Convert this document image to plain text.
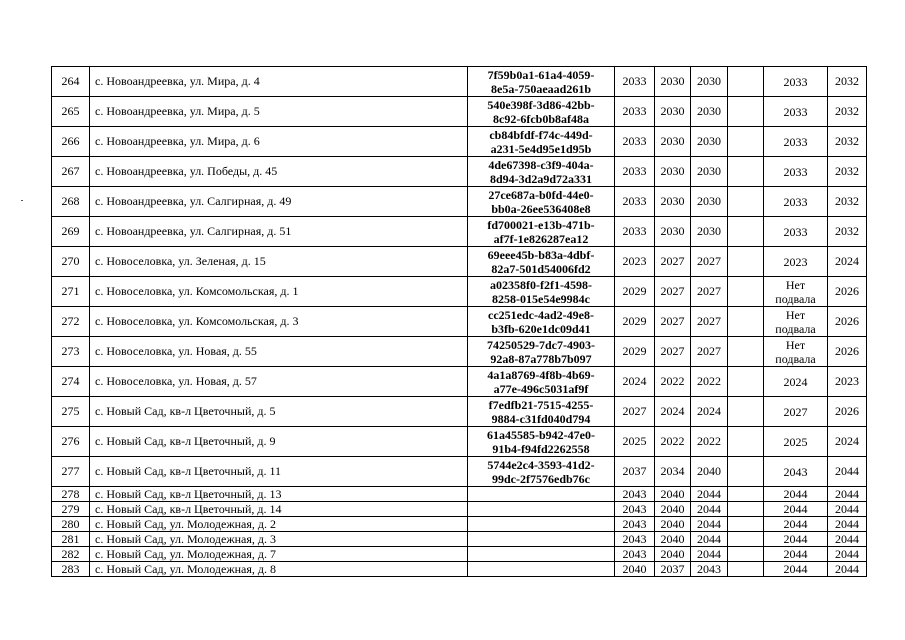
264	с. Новоандреевка, ул. Мира, д. 4	7f59b0a1-61a4-4059-
8e5a-750aeaad261b	2033	2030	2030		2033	2032
265	с. Новоандреевка, ул. Мира, д. 5	540e398f-3d86-42bb-
8c92-6fcb0b8af48a	2033	2030	2030		2033	2032
266	с. Новоандреевка, ул. Мира, д. 6	cb84bfdf-f74c-449d-
a231-5e4d95e1d95b	2033	2030	2030		2033	2032
267	с. Новоандреевка, ул. Победы, д. 45	4de67398-c3f9-404a-
8d94-3d2a9d72a331	2033	2030	2030		2033	2032
268	с. Новоандреевка, ул. Салгирная, д. 49	27ce687a-b0fd-44e0-
bb0a-26ee536408e8	2033	2030	2030		2033	2032
269	с. Новоандреевка, ул. Салгирная, д. 51	fd700021-e13b-471b-
af7f-1e826287ea12	2033	2030	2030		2033	2032
270	с. Новоселовка, ул. Зеленая, д. 15	69eee45b-b83a-4dbf-
82a7-501d54006fd2	2023	2027	2027		2023	2024
271	с. Новоселовка, ул. Комсомольская, д. 1	a02358f0-f2f1-4598-
8258-015e54e9984c	2029	2027	2027		Нет
подвала	2026
272	с. Новоселовка, ул. Комсомольская, д. 3	cc251edc-4ad2-49e8-
b3fb-620e1dc09d41	2029	2027	2027		Нет
подвала	2026
273	с. Новоселовка, ул. Новая, д. 55	74250529-7dc7-4903-
92a8-87a778b7b097	2029	2027	2027		Нет
подвала	2026
274	с. Новоселовка, ул. Новая, д. 57	4a1a8769-4f8b-4b69-
a77e-496c5031af9f	2024	2022	2022		2024	2023
275	с. Новый Сад, кв-л Цветочный, д. 5	f7edfb21-7515-4255-
9884-c31fd040d794	2027	2024	2024		2027	2026
276	с. Новый Сад, кв-л Цветочный, д. 9	61a45585-b942-47e0-
91b4-f94fd2262558	2025	2022	2022		2025	2024
277	с. Новый Сад, кв-л Цветочный, д. 11	5744e2c4-3593-41d2-
99dc-2f7576edb76c	2037	2034	2040		2043	2044
278	с. Новый Сад, кв-л Цветочный, д. 13		2043	2040	2044		2044	2044
279	с. Новый Сад, кв-л Цветочный, д. 14		2043	2040	2044		2044	2044
280	с. Новый Сад, ул. Молодежная, д. 2		2043	2040	2044		2044	2044
281	с. Новый Сад, ул. Молодежная, д. 3		2043	2040	2044		2044	2044
282	с. Новый Сад, ул. Молодежная, д. 7		2043	2040	2044		2044	2044
283	с. Новый Сад, ул. Молодежная, д. 8		2040	2037	2043		2044	2044
